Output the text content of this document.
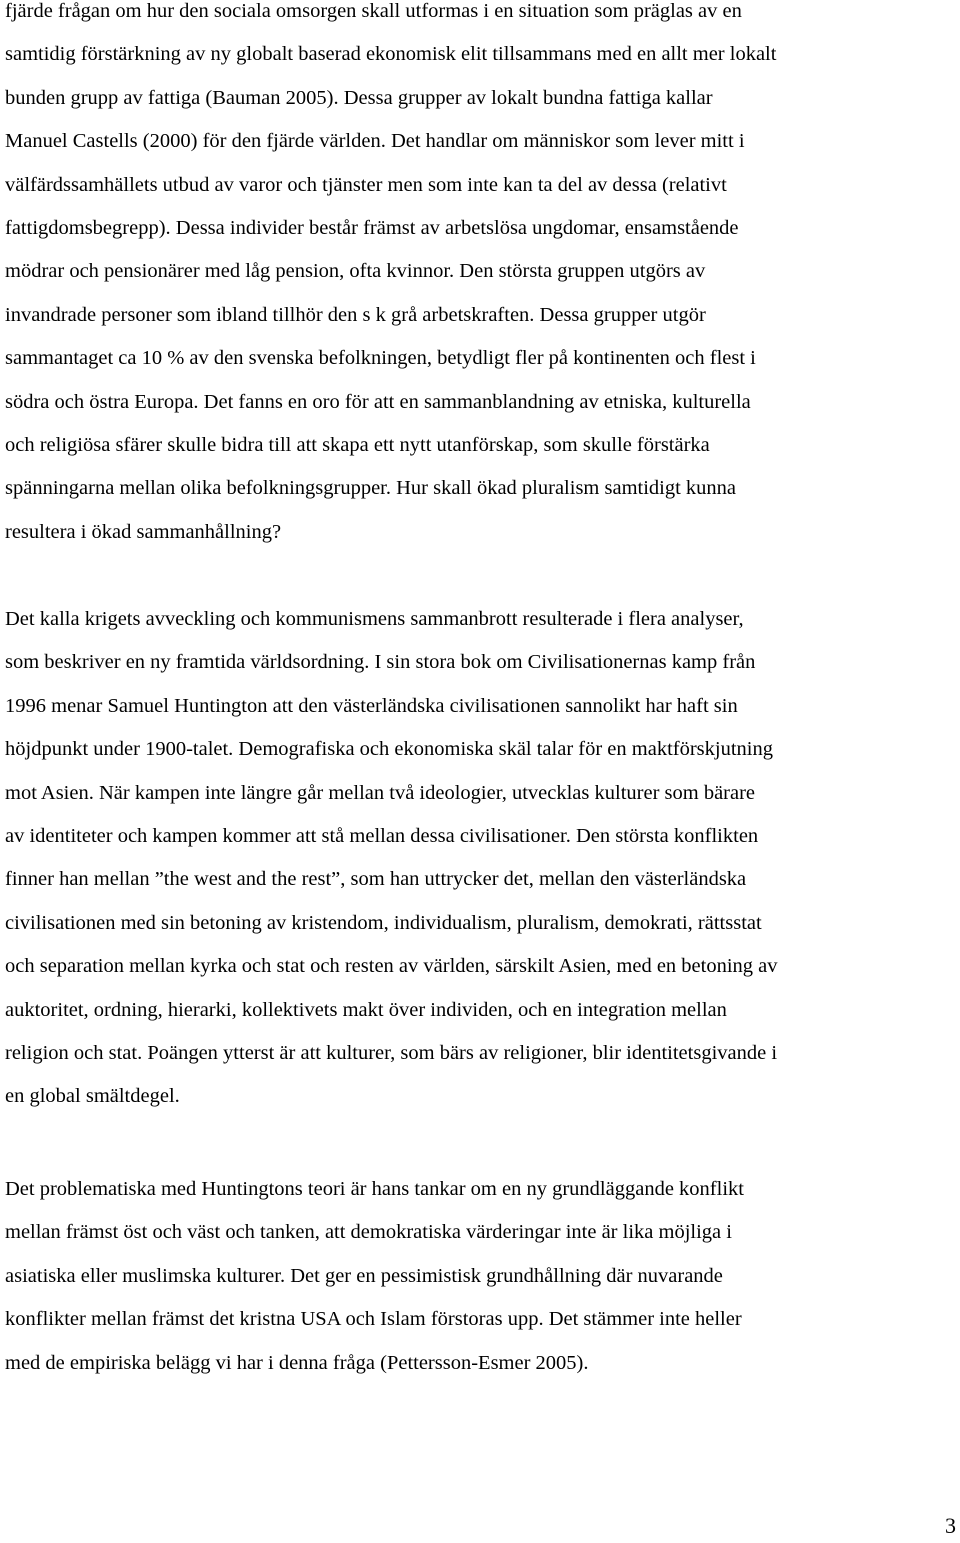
fjärde frågan om hur den sociala omsorgen skall utformas i en situation som präglas av en
samtidig förstärkning av ny globalt baserad ekonomisk elit tillsammans med en allt mer lokalt
bunden grupp av fattiga (Bauman 2005). Dessa grupper av lokalt bundna fattiga kallar
Manuel Castells (2000) för den fjärde världen. Det handlar om människor som lever mitt i
välfärdssamhällets utbud av varor och tjänster men som inte kan ta del av dessa (relativt
fattigdomsbegrepp). Dessa individer består främst av arbetslösa ungdomar, ensamstående
mödrar och pensionärer med låg pension, ofta kvinnor. Den största gruppen utgörs av
invandrade personer som ibland tillhör den s k grå arbetskraften. Dessa grupper utgör
sammantaget ca 10 % av den svenska befolkningen, betydligt fler på kontinenten och flest i
södra och östra Europa. Det fanns en oro för att en sammanblandning av etniska, kulturella
och religiösa sfärer skulle bidra till att skapa ett nytt utanförskap, som skulle förstärka
spänningarna mellan olika befolkningsgrupper. Hur skall ökad pluralism samtidigt kunna
resultera i ökad sammanhållning?

Det kalla krigets avveckling och kommunismens sammanbrott resulterade i flera analyser,
som beskriver en ny framtida världsordning. I sin stora bok om Civilisationernas kamp från
1996 menar Samuel Huntington att den västerländska civilisationen sannolikt har haft sin
höjdpunkt under 1900-talet. Demografiska och ekonomiska skäl talar för en maktförskjutning
mot Asien. När kampen inte längre går mellan två ideologier, utvecklas kulturer som bärare
av identiteter och kampen kommer att stå mellan dessa civilisationer. Den största konflikten
finner han mellan ”the west and the rest”, som han uttrycker det, mellan den västerländska
civilisationen med sin betoning av kristendom, individualism, pluralism, demokrati, rättsstat
och separation mellan kyrka och stat och resten av världen, särskilt Asien, med en betoning av
auktoritet, ordning, hierarki, kollektivets makt över individen, och en integration mellan
religion och stat. Poängen ytterst är att kulturer, som bärs av religioner, blir identitetsgivande i
en global smältdegel.

Det problematiska med Huntingtons teori är hans tankar om en ny grundläggande konflikt
mellan främst öst och väst och tanken, att demokratiska värderingar inte är lika möjliga i
asiatiska eller muslimska kulturer. Det ger en pessimistisk grundhållning där nuvarande
konflikter mellan främst det kristna USA och Islam förstoras upp. Det stämmer inte heller
med de empiriska belägg vi har i denna fråga (Pettersson-Esmer 2005).

3
